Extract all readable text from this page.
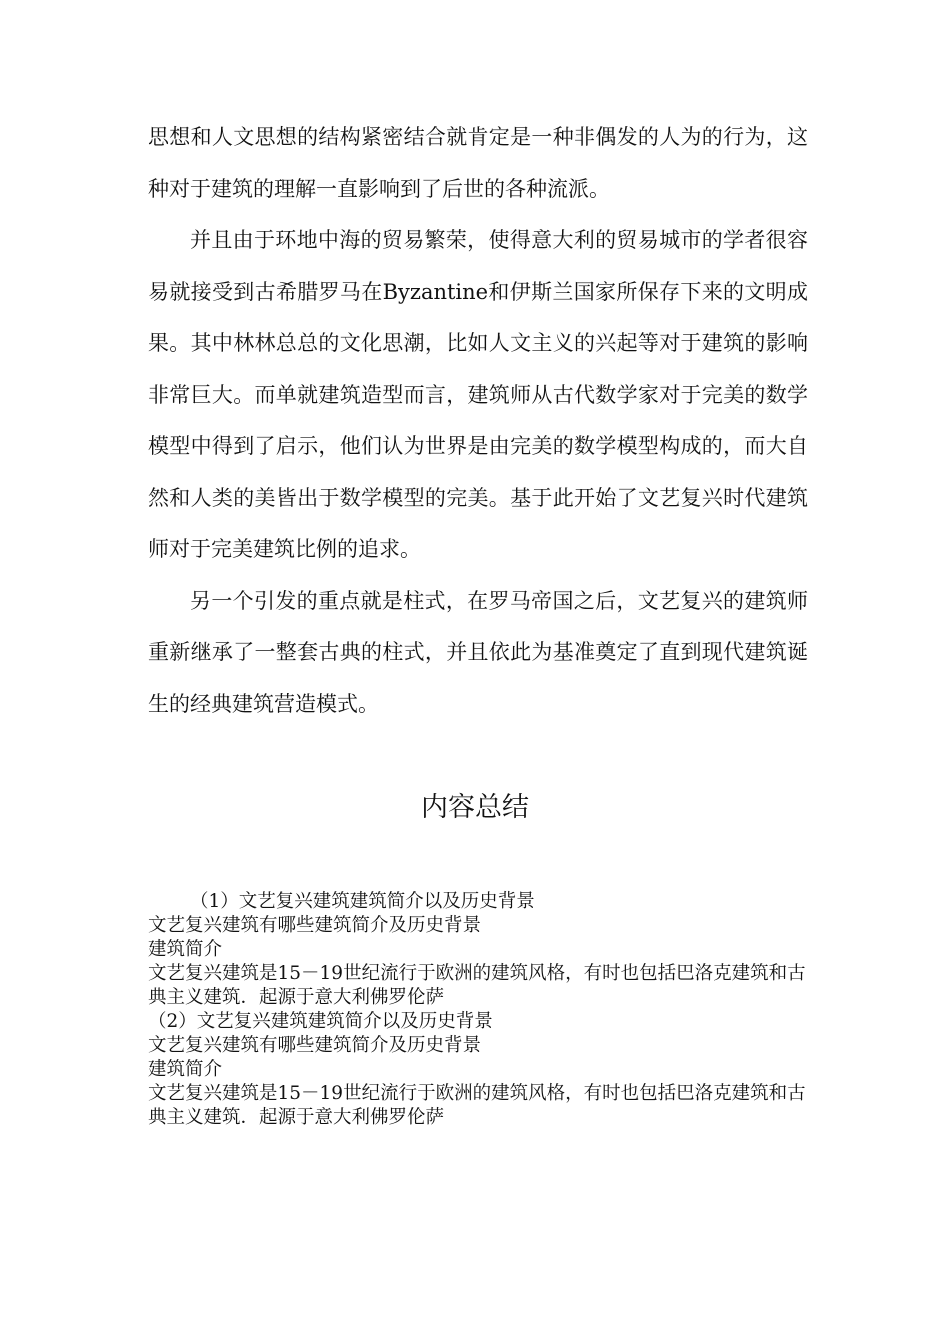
思想和人文思想的结构紧密结合就肯定是一种非偶发的人为的行为，这种对于建筑的理解一直影响到了后世的各种流派。

并且由于环地中海的贸易繁荣，使得意大利的贸易城市的学者很容易就接受到古希腊罗马在Byzantine和伊斯兰国家所保存下来的文明成果。其中林林总总的文化思潮，比如人文主义的兴起等对于建筑的影响非常巨大。而单就建筑造型而言，建筑师从古代数学家对于完美的数学模型中得到了启示，他们认为世界是由完美的数学模型构成的，而大自然和人类的美皆出于数学模型的完美。基于此开始了文艺复兴时代建筑师对于完美建筑比例的追求。

另一个引发的重点就是柱式，在罗马帝国之后，文艺复兴的建筑师重新继承了一整套古典的柱式，并且依此为基准奠定了直到现代建筑诞生的经典建筑营造模式。

内容总结

（1）文艺复兴建筑建筑简介以及历史背景

文艺复兴建筑有哪些建筑简介及历史背景

建筑简介

文艺复兴建筑是15－19世纪流行于欧洲的建筑风格，有时也包括巴洛克建筑和古典主义建筑．起源于意大利佛罗伦萨

（2）文艺复兴建筑建筑简介以及历史背景

文艺复兴建筑有哪些建筑简介及历史背景

建筑简介

文艺复兴建筑是15－19世纪流行于欧洲的建筑风格，有时也包括巴洛克建筑和古典主义建筑．起源于意大利佛罗伦萨
